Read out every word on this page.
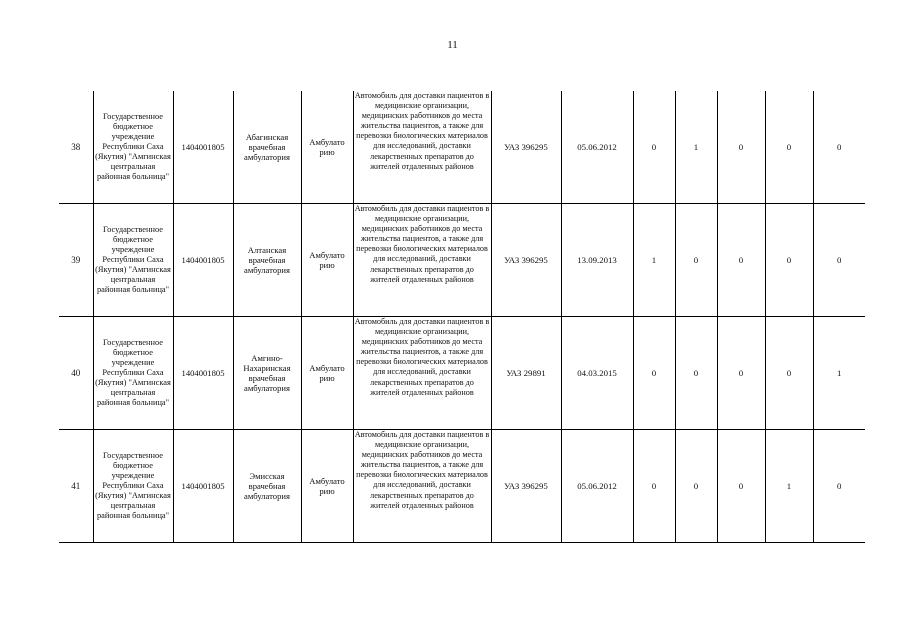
11
38	Государственное бюджетное учреждение Республики Саха (Якутия) "Амгинская центральная районная больница"	1404001805	Абагинская врачебная амбулатория	Амбулато рию	Автомобиль для доставки пациентов в медицинские организации, медицинских работников до места жительства пациентов, а также для перевозки биологических материалов для исследований, доставки лекарственных препаратов до жителей отдаленных районов	УАЗ 396295	05.06.2012	0	1	0	0	0
39	Государственное бюджетное учреждение Республики Саха (Якутия) "Амгинская центральная районная больница"	1404001805	Алтанская врачебная амбулатория	Амбулато рию	Автомобиль для доставки пациентов в медицинские организации, медицинских работников до места жительства пациентов, а также для перевозки биологических материалов для исследований, доставки лекарственных препаратов до жителей отдаленных районов	УАЗ 396295	13.09.2013	1	0	0	0	0
40	Государственное бюджетное учреждение Республики Саха (Якутия) "Амгинская центральная районная больница"	1404001805	Амгино-Нахаринская врачебная амбулатория	Амбулато рию	Автомобиль для доставки пациентов в медицинские организации, медицинских работников до места жительства пациентов, а также для перевозки биологических материалов для исследований, доставки лекарственных препаратов до жителей отдаленных районов	УАЗ 29891	04.03.2015	0	0	0	0	1
41	Государственное бюджетное учреждение Республики Саха (Якутия) "Амгинская центральная районная больница"	1404001805	Эмисская врачебная амбулатория	Амбулато рию	Автомобиль для доставки пациентов в медицинские организации, медицинских работников до места жительства пациентов, а также для перевозки биологических материалов для исследований, доставки лекарственных препаратов до жителей отдаленных районов	УАЗ 396295	05.06.2012	0	0	0	1	0
